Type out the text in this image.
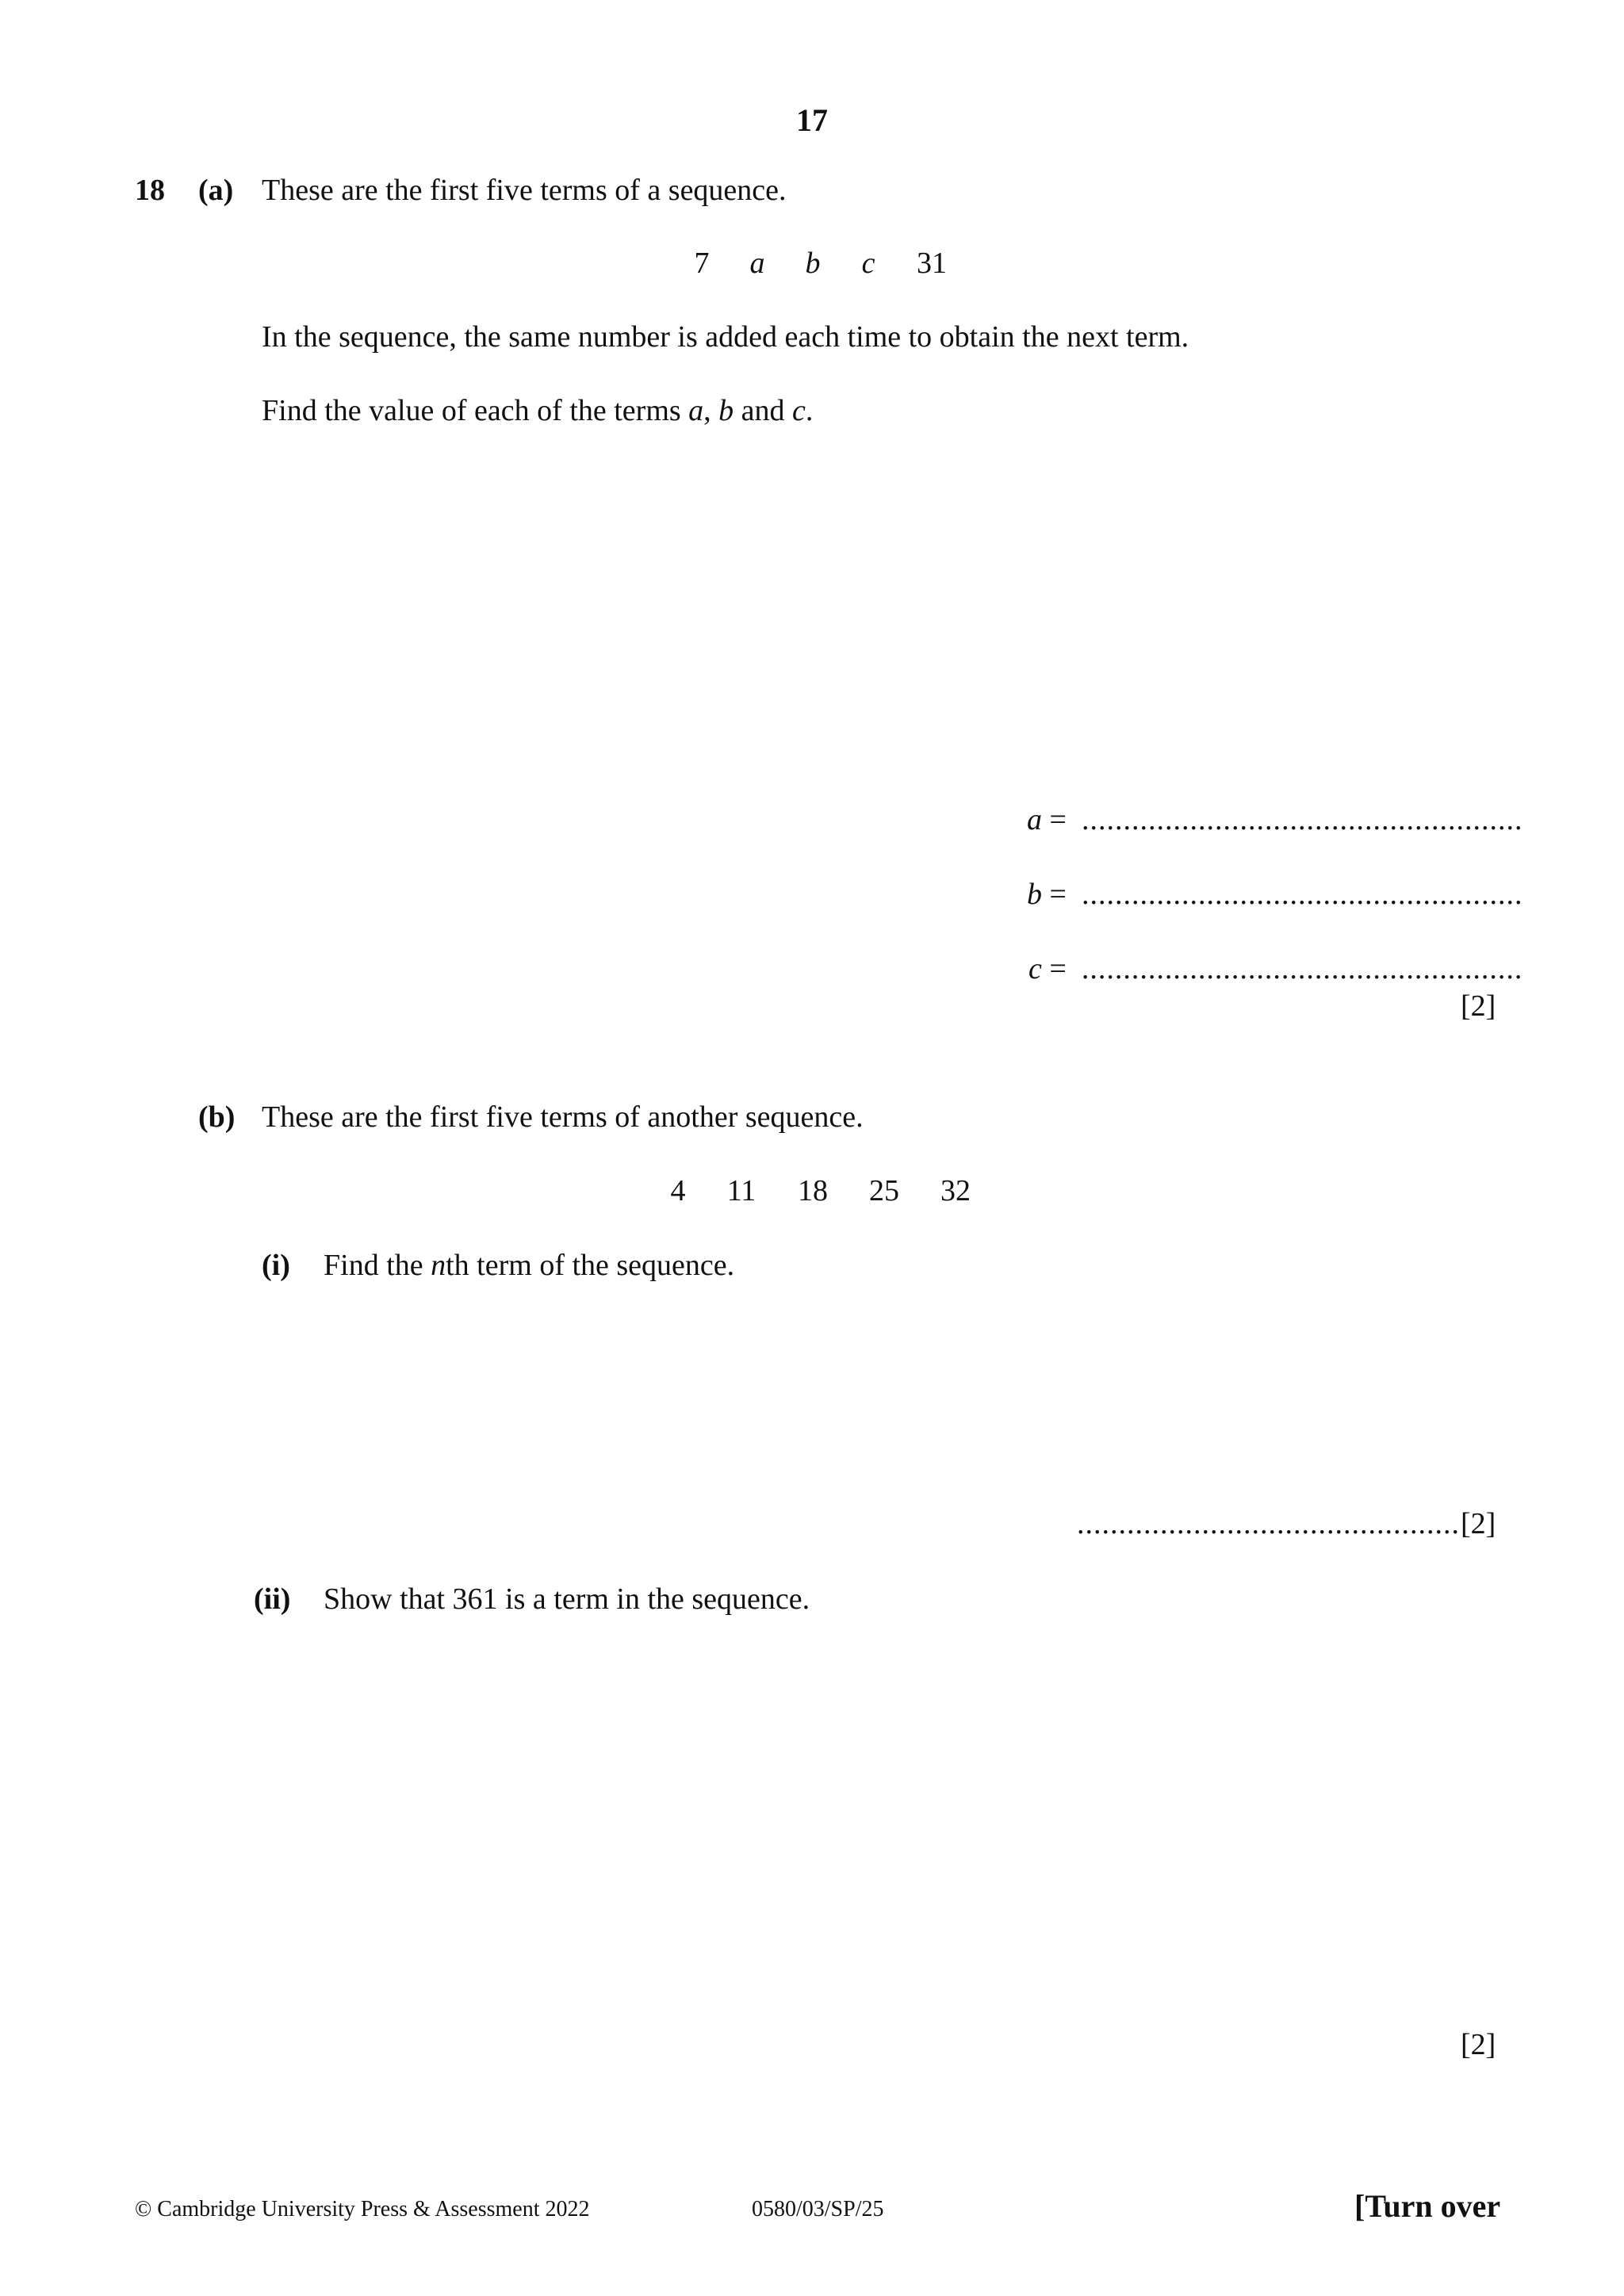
17
18 (a) These are the first five terms of a sequence.
7	a	b	c	31
In the sequence, the same number is added each time to obtain the next term.
Find the value of each of the terms a, b and c.
a = .....................................................
b = .....................................................
c = .....................................................
[2]
(b) These are the first five terms of another sequence.
4	11	18	25	32
(i) Find the nth term of the sequence.
.............................................. [2]
(ii) Show that 361 is a term in the sequence.
[2]
© Cambridge University Press & Assessment 2022	0580/03/SP/25	[Turn over
